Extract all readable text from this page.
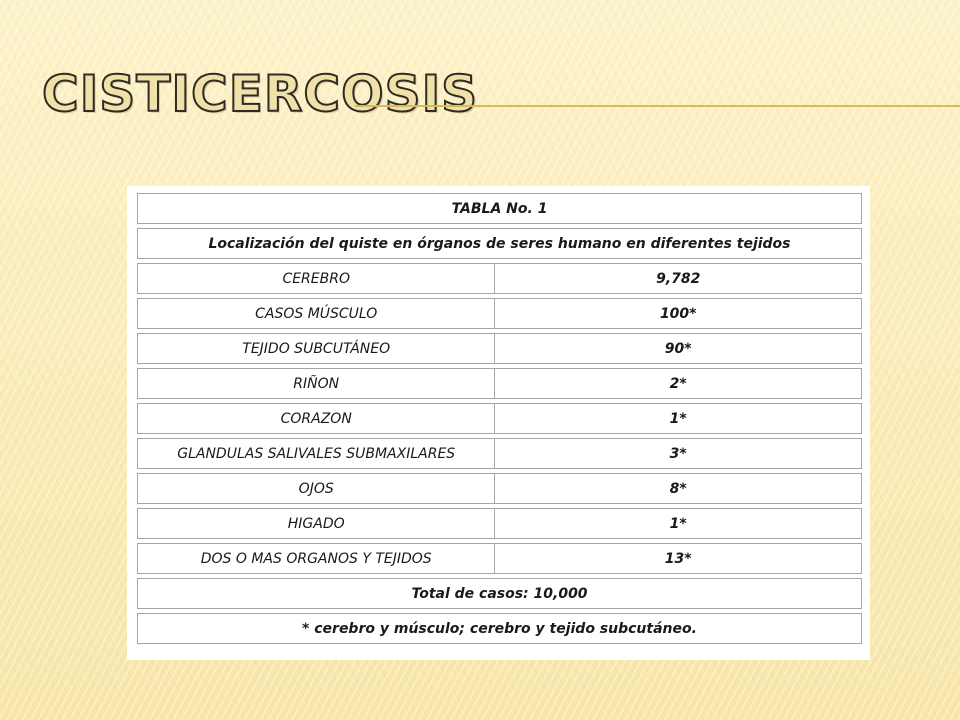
CISTICERCOSIS
TABLA No. 1	
Localización del quiste en órganos de seres humano en diferentes tejidos	
CEREBRO	9,782
CASOS MÚSCULO	100*
TEJIDO SUBCUTÁNEO	90*
RIÑON	2*
CORAZON	1*
GLANDULAS SALIVALES SUBMAXILARES	3*
OJOS	8*
HIGADO	1*
DOS O MAS ORGANOS Y TEJIDOS	13*
Total de casos: 10,000	
* cerebro y músculo; cerebro y tejido subcutáneo.	
